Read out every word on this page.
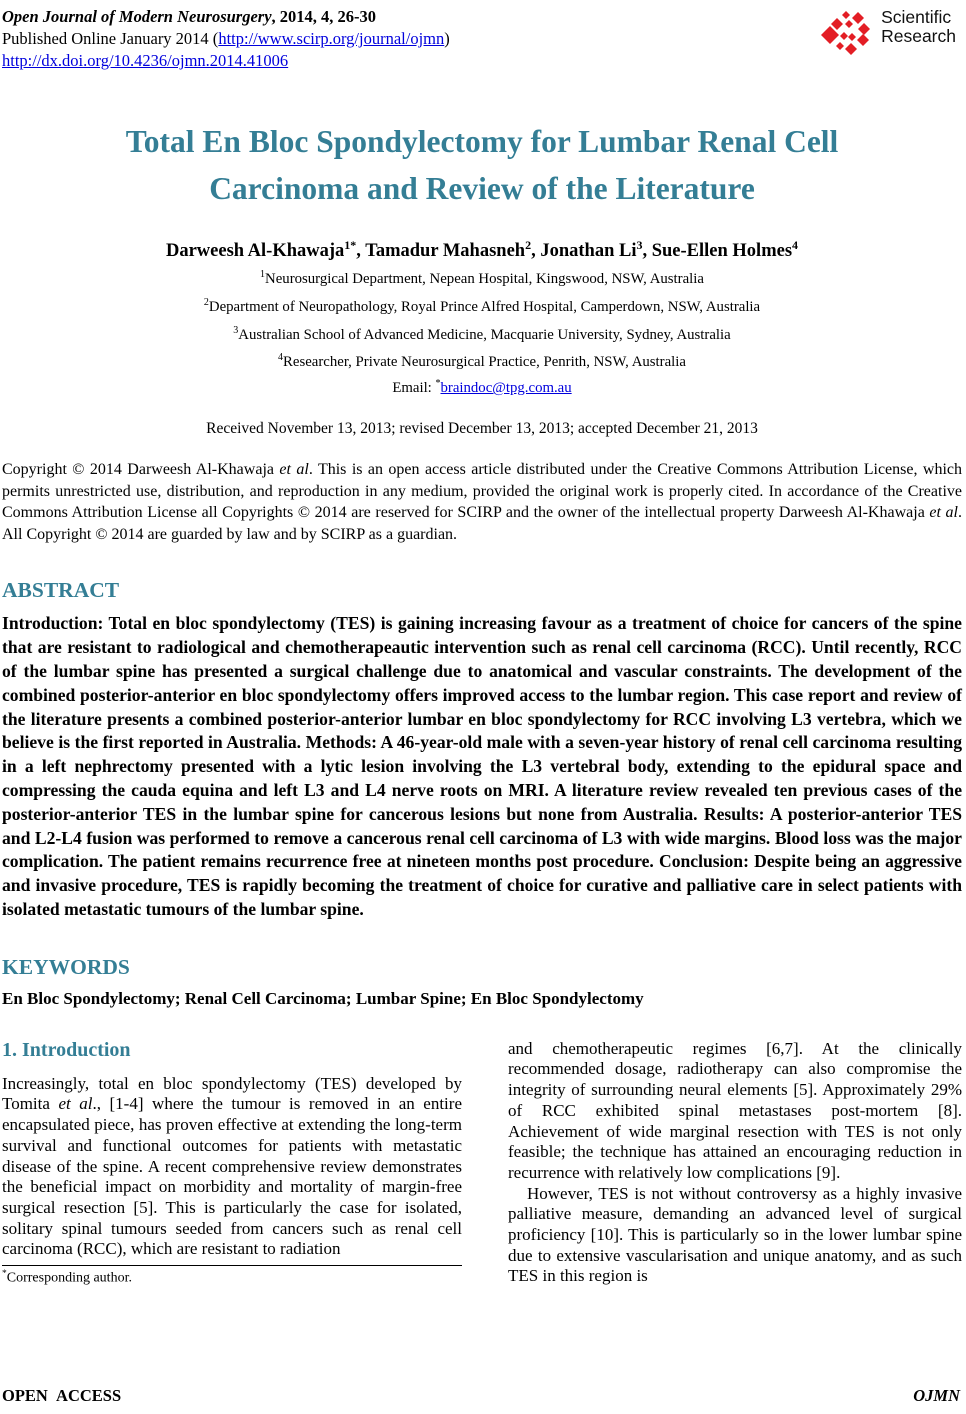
Open Journal of Modern Neurosurgery, 2014, 4, 26-30
Published Online January 2014 (http://www.scirp.org/journal/ojmn)
http://dx.doi.org/10.4236/ojmn.2014.41006
Scientific
Research
Total En Bloc Spondylectomy for Lumbar Renal Cell
Carcinoma and Review of the Literature
Darweesh Al-Khawaja$^{1*}$, Tamadur Mahasneh$^2$, Jonathan Li$^3$, Sue-Ellen Holmes$^4$
$^1$Neurosurgical Department, Nepean Hospital, Kingswood, NSW, Australia
$^2$Department of Neuropathology, Royal Prince Alfred Hospital, Camperdown, NSW, Australia
$^3$Australian School of Advanced Medicine, Macquarie University, Sydney, Australia
$^4$Researcher, Private Neurosurgical Practice, Penrith, NSW, Australia
Email: *braindoc@tpg.com.au
Received November 13, 2013; revised December 13, 2013; accepted December 21, 2013

Copyright © 2014 Darweesh Al-Khawaja et al. This is an open access article distributed under the Creative Commons Attribution License, which permits unrestricted use, distribution, and reproduction in any medium, provided the original work is properly cited. In accordance of the Creative Commons Attribution License all Copyrights © 2014 are reserved for SCIRP and the owner of the intellectual property Darweesh Al-Khawaja et al. All Copyright © 2014 are guarded by law and by SCIRP as a guardian.

ABSTRACT

Introduction: Total en bloc spondylectomy (TES) is gaining increasing favour as a treatment of choice for cancers of the spine that are resistant to radiological and chemotherapeautic intervention such as renal cell carcinoma (RCC). Until recently, RCC of the lumbar spine has presented a surgical challenge due to anatomical and vascular constraints. The development of the combined posterior-anterior en bloc spondylectomy offers improved access to the lumbar region. This case report and review of the literature presents a combined posterior-anterior lumbar en bloc spondylectomy for RCC involving L3 vertebra, which we believe is the first reported in Australia. Methods: A 46-year-old male with a seven-year history of renal cell carcinoma resulting in a left nephrectomy presented with a lytic lesion involving the L3 vertebral body, extending to the epidural space and compressing the cauda equina and left L3 and L4 nerve roots on MRI. A literature review revealed ten previous cases of the posterior-anterior TES in the lumbar spine for cancerous lesions but none from Australia. Results: A posterior-anterior TES and L2-L4 fusion was performed to remove a cancerous renal cell carcinoma of L3 with wide margins. Blood loss was the major complication. The patient remains recurrence free at nineteen months post procedure. Conclusion: Despite being an aggressive and invasive procedure, TES is rapidly becoming the treatment of choice for curative and palliative care in select patients with isolated metastatic tumours of the lumbar spine.

KEYWORDS

En Bloc Spondylectomy; Renal Cell Carcinoma; Lumbar Spine; En Bloc Spondylectomy

1. Introduction

Increasingly, total en bloc spondylectomy (TES) developed by Tomita et al., [1-4] where the tumour is removed in an entire encapsulated piece, has proven effective at extending the long-term survival and functional outcomes for patients with metastatic disease of the spine. A recent comprehensive review demonstrates the beneficial impact on morbidity and mortality of margin-free surgical resection [5]. This is particularly the case for isolated, solitary spinal tumours seeded from cancers such as renal cell carcinoma (RCC), which are resistant to radiation

*Corresponding author.

and chemotherapeutic regimes [6,7]. At the clinically recommended dosage, radiotherapy can also compromise the integrity of surrounding neural elements [5]. Approximately 29% of RCC exhibited spinal metastases post-mortem [8]. Achievement of wide marginal resection with TES is not only feasible; the technique has attained an encouraging reduction in recurrence with relatively low complications [9].

However, TES is not without controversy as a highly invasive palliative measure, demanding an advanced level of surgical proficiency [10]. This is particularly so in the lower lumbar spine due to extensive vascularisation and unique anatomy, and as such TES in this region is

OPEN ACCESS	OJMN
